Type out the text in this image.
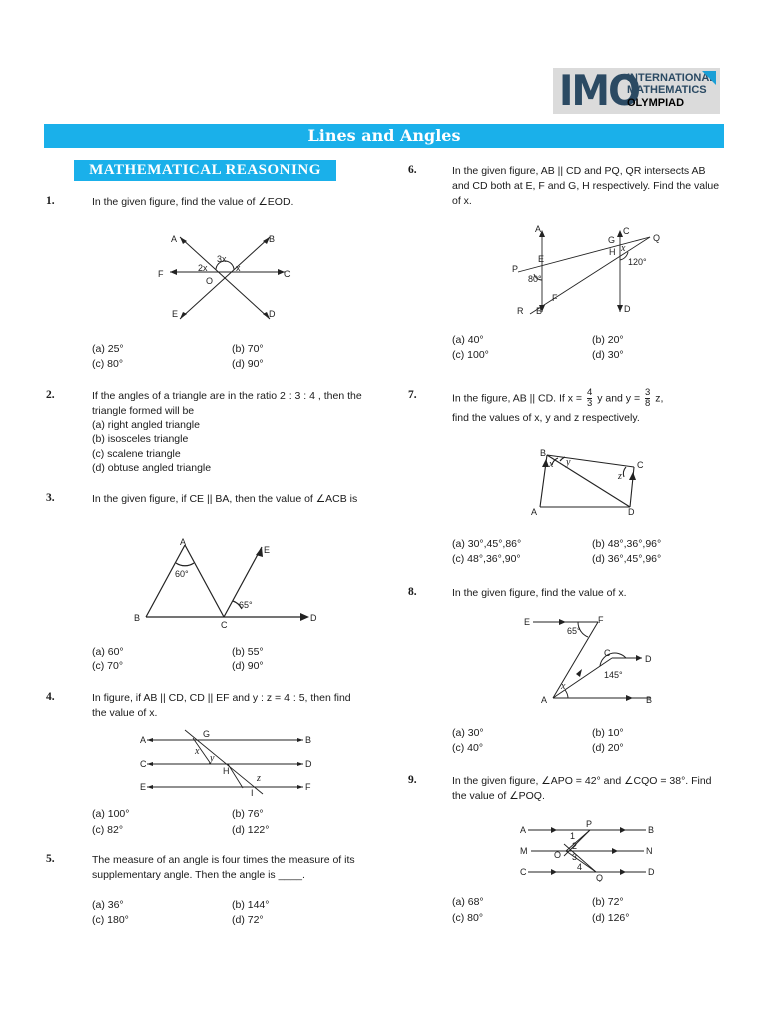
IMO
INTERNATIONAL
MATHEMATICS
OLYMPIAD
Lines and Angles
MATHEMATICAL REASONING
1.	In the given figure, find the value of ∠EOD.
A	B
C
D
E
F
O
3x
2x	x
(a) 25°	(b) 70°
(c) 80°	(d) 90°
2.	If the angles of a triangle are in the ratio 2 : 3 : 4 , then the triangle formed will be
(a) right angled triangle
(b) isosceles triangle
(c) scalene triangle
(d) obtuse angled triangle
3.	In the given figure, if CE || BA, then the value of ∠ACB is
A
E
60°
65°
B
C
D
(a) 60°	(b) 55°
(c) 70°	(d) 90°
4.	In figure, if AB || CD, CD || EF and y : z = 4 : 5, then find the value of x.
A
G
B
x
C	y	D
H
z
E
I
F
(a) 100°	(b) 76°
(c) 82°	(d) 122°
5.	The measure of an angle is four times the measure of its supplementary angle. Then the angle is ____.
(a) 36°	(b) 144°
(c) 180°	(d) 72°
6.	In the given figure, AB || CD and PQ, QR intersects AB and CD both at E, F and G, H respectively. Find the value of x.
A	C
G	Q
E
x
H
120°
P
80°
F
R B	D
(a) 40°	(b) 20°
(c) 100°	(d) 30°
7.	In the figure, AB || CD. If $x = \frac{4}{3}$ y and $y = \frac{3}{8} z$,
find the values of x, y and z respectively.
B
x y	C
z
A	D
(a) 30°,45°,86°	(b) 48°,36°,96°
(c) 48°,36°,90°	(d) 36°,45°,96°
8.	In the given figure, find the value of x.
E	F
65°
C
D
145°
x
A	B
(a) 30°	(b) 10°
(c) 40°	(d) 20°
9.	In the given figure, ∠APO = 42° and ∠CQO = 38°. Find the value of ∠POQ.
P
A	B
1
M	2	N
O 3
4
C
Q
D
(a) 68°	(b) 72°
(c) 80°	(d) 126°
